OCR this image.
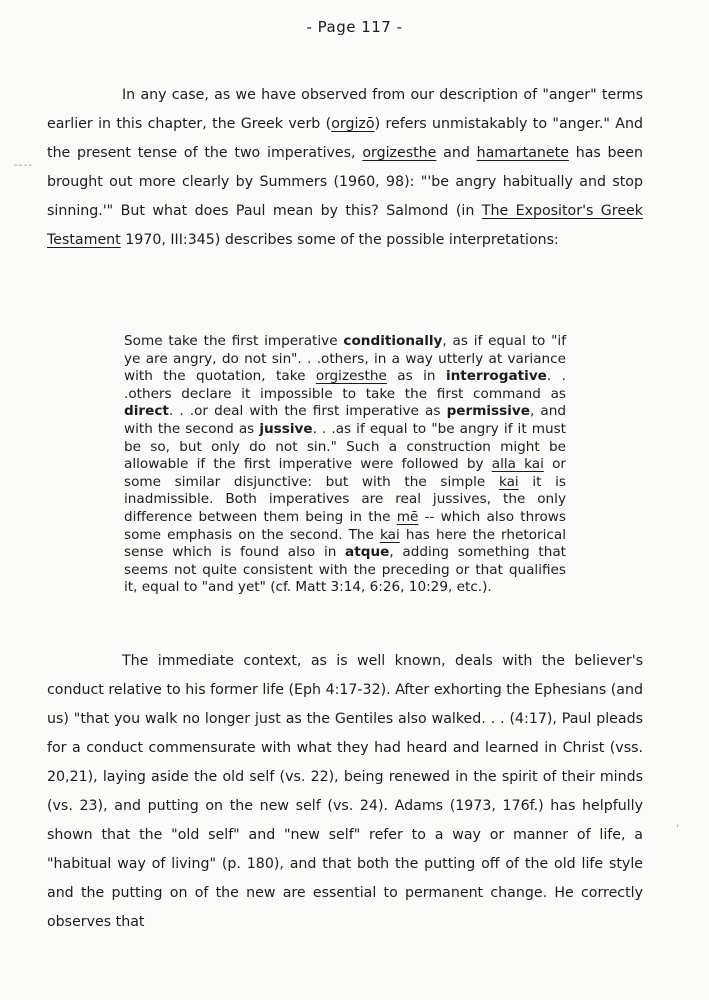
- - - -
,
- Page 117 -
In any case, as we have observed from our description of "anger" terms earlier in this chapter, the Greek verb (orgizō) refers unmistakably to "anger." And the present tense of the two imperatives, orgizesthe and hamartanete has been brought out more clearly by Summers (1960, 98): "'be angry habitually and stop sinning.'" But what does Paul mean by this? Salmond (in The Expositor's Greek Testament 1970, III:345) describes some of the possible interpretations:
Some take the first imperative conditionally, as if equal to "if ye are angry, do not sin". . .others, in a way utterly at variance with the quotation, take orgizesthe as in interrogative. . .others declare it impossible to take the first command as direct. . .or deal with the first imperative as permissive, and with the second as jussive. . .as if equal to "be angry if it must be so, but only do not sin." Such a construction might be allowable if the first imperative were followed by alla kai or some similar disjunctive: but with the simple kai it is inadmissible. Both imperatives are real jussives, the only difference between them being in the mē -- which also throws some emphasis on the second. The kai has here the rhetorical sense which is found also in atque, adding something that seems not quite consistent with the preceding or that qualifies it, equal to "and yet" (cf. Matt 3:14, 6:26, 10:29, etc.).
The immediate context, as is well known, deals with the believer's conduct relative to his former life (Eph 4:17-32). After exhorting the Ephesians (and us) "that you walk no longer just as the Gentiles also walked. . . (4:17), Paul pleads for a conduct commensurate with what they had heard and learned in Christ (vss. 20,21), laying aside the old self (vs. 22), being renewed in the spirit of their minds (vs. 23), and putting on the new self (vs. 24). Adams (1973, 176f.) has helpfully shown that the "old self" and "new self" refer to a way or manner of life, a "habitual way of living" (p. 180), and that both the putting off of the old life style and the putting on of the new are essential to permanent change. He correctly observes that
